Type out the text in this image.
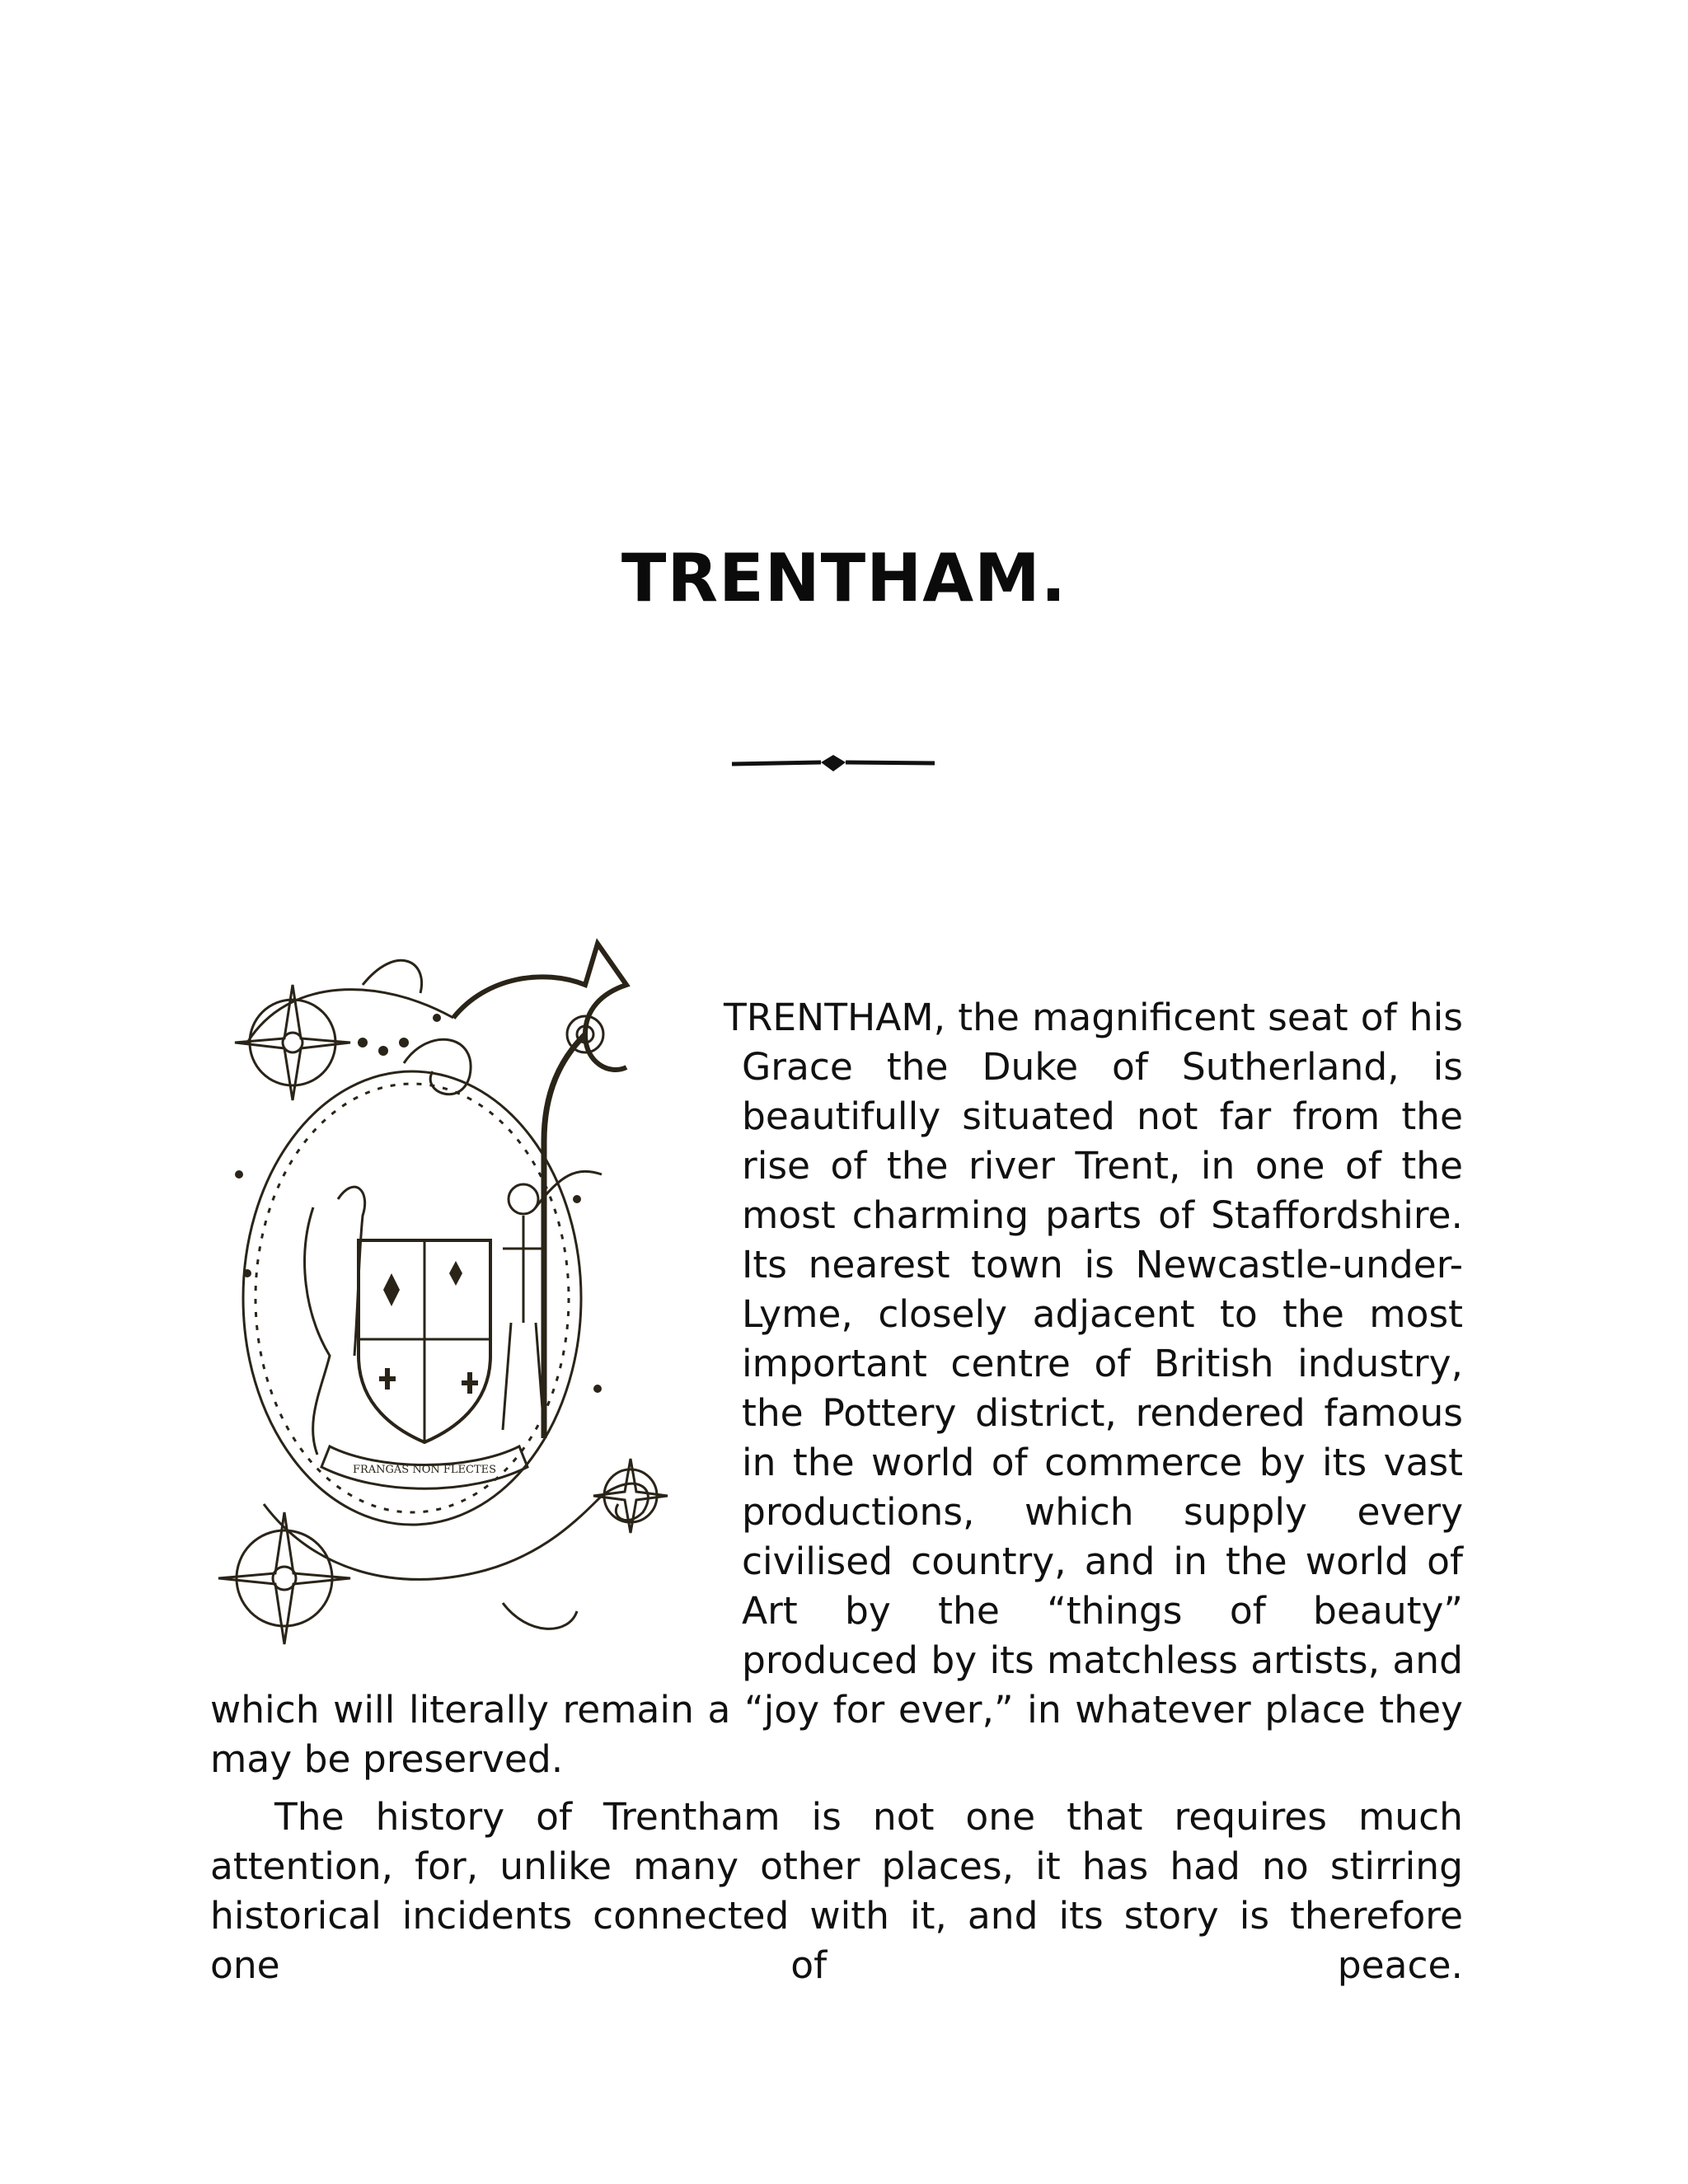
TRENTHAM.
FRANGAS NON FLECTES

TRENTHAM, the magnificent seat of his Grace the Duke of Sutherland, is beautifully situated not far from the rise of the river Trent, in one of the most charming parts of Staffordshire. Its nearest town is Newcastle-under-Lyme, closely adjacent to the most important centre of British industry, the Pottery district, rendered famous in the world of commerce by its vast productions, which supply every civilised country, and in the world of Art by the “things of beauty” produced by its matchless artists, and which will literally remain a “joy for ever,” in whatever place they may be preserved.

The history of Trentham is not one that requires much attention, for, unlike many other places, it has had no stirring historical incidents connected with it, and its story is therefore one of peace.
